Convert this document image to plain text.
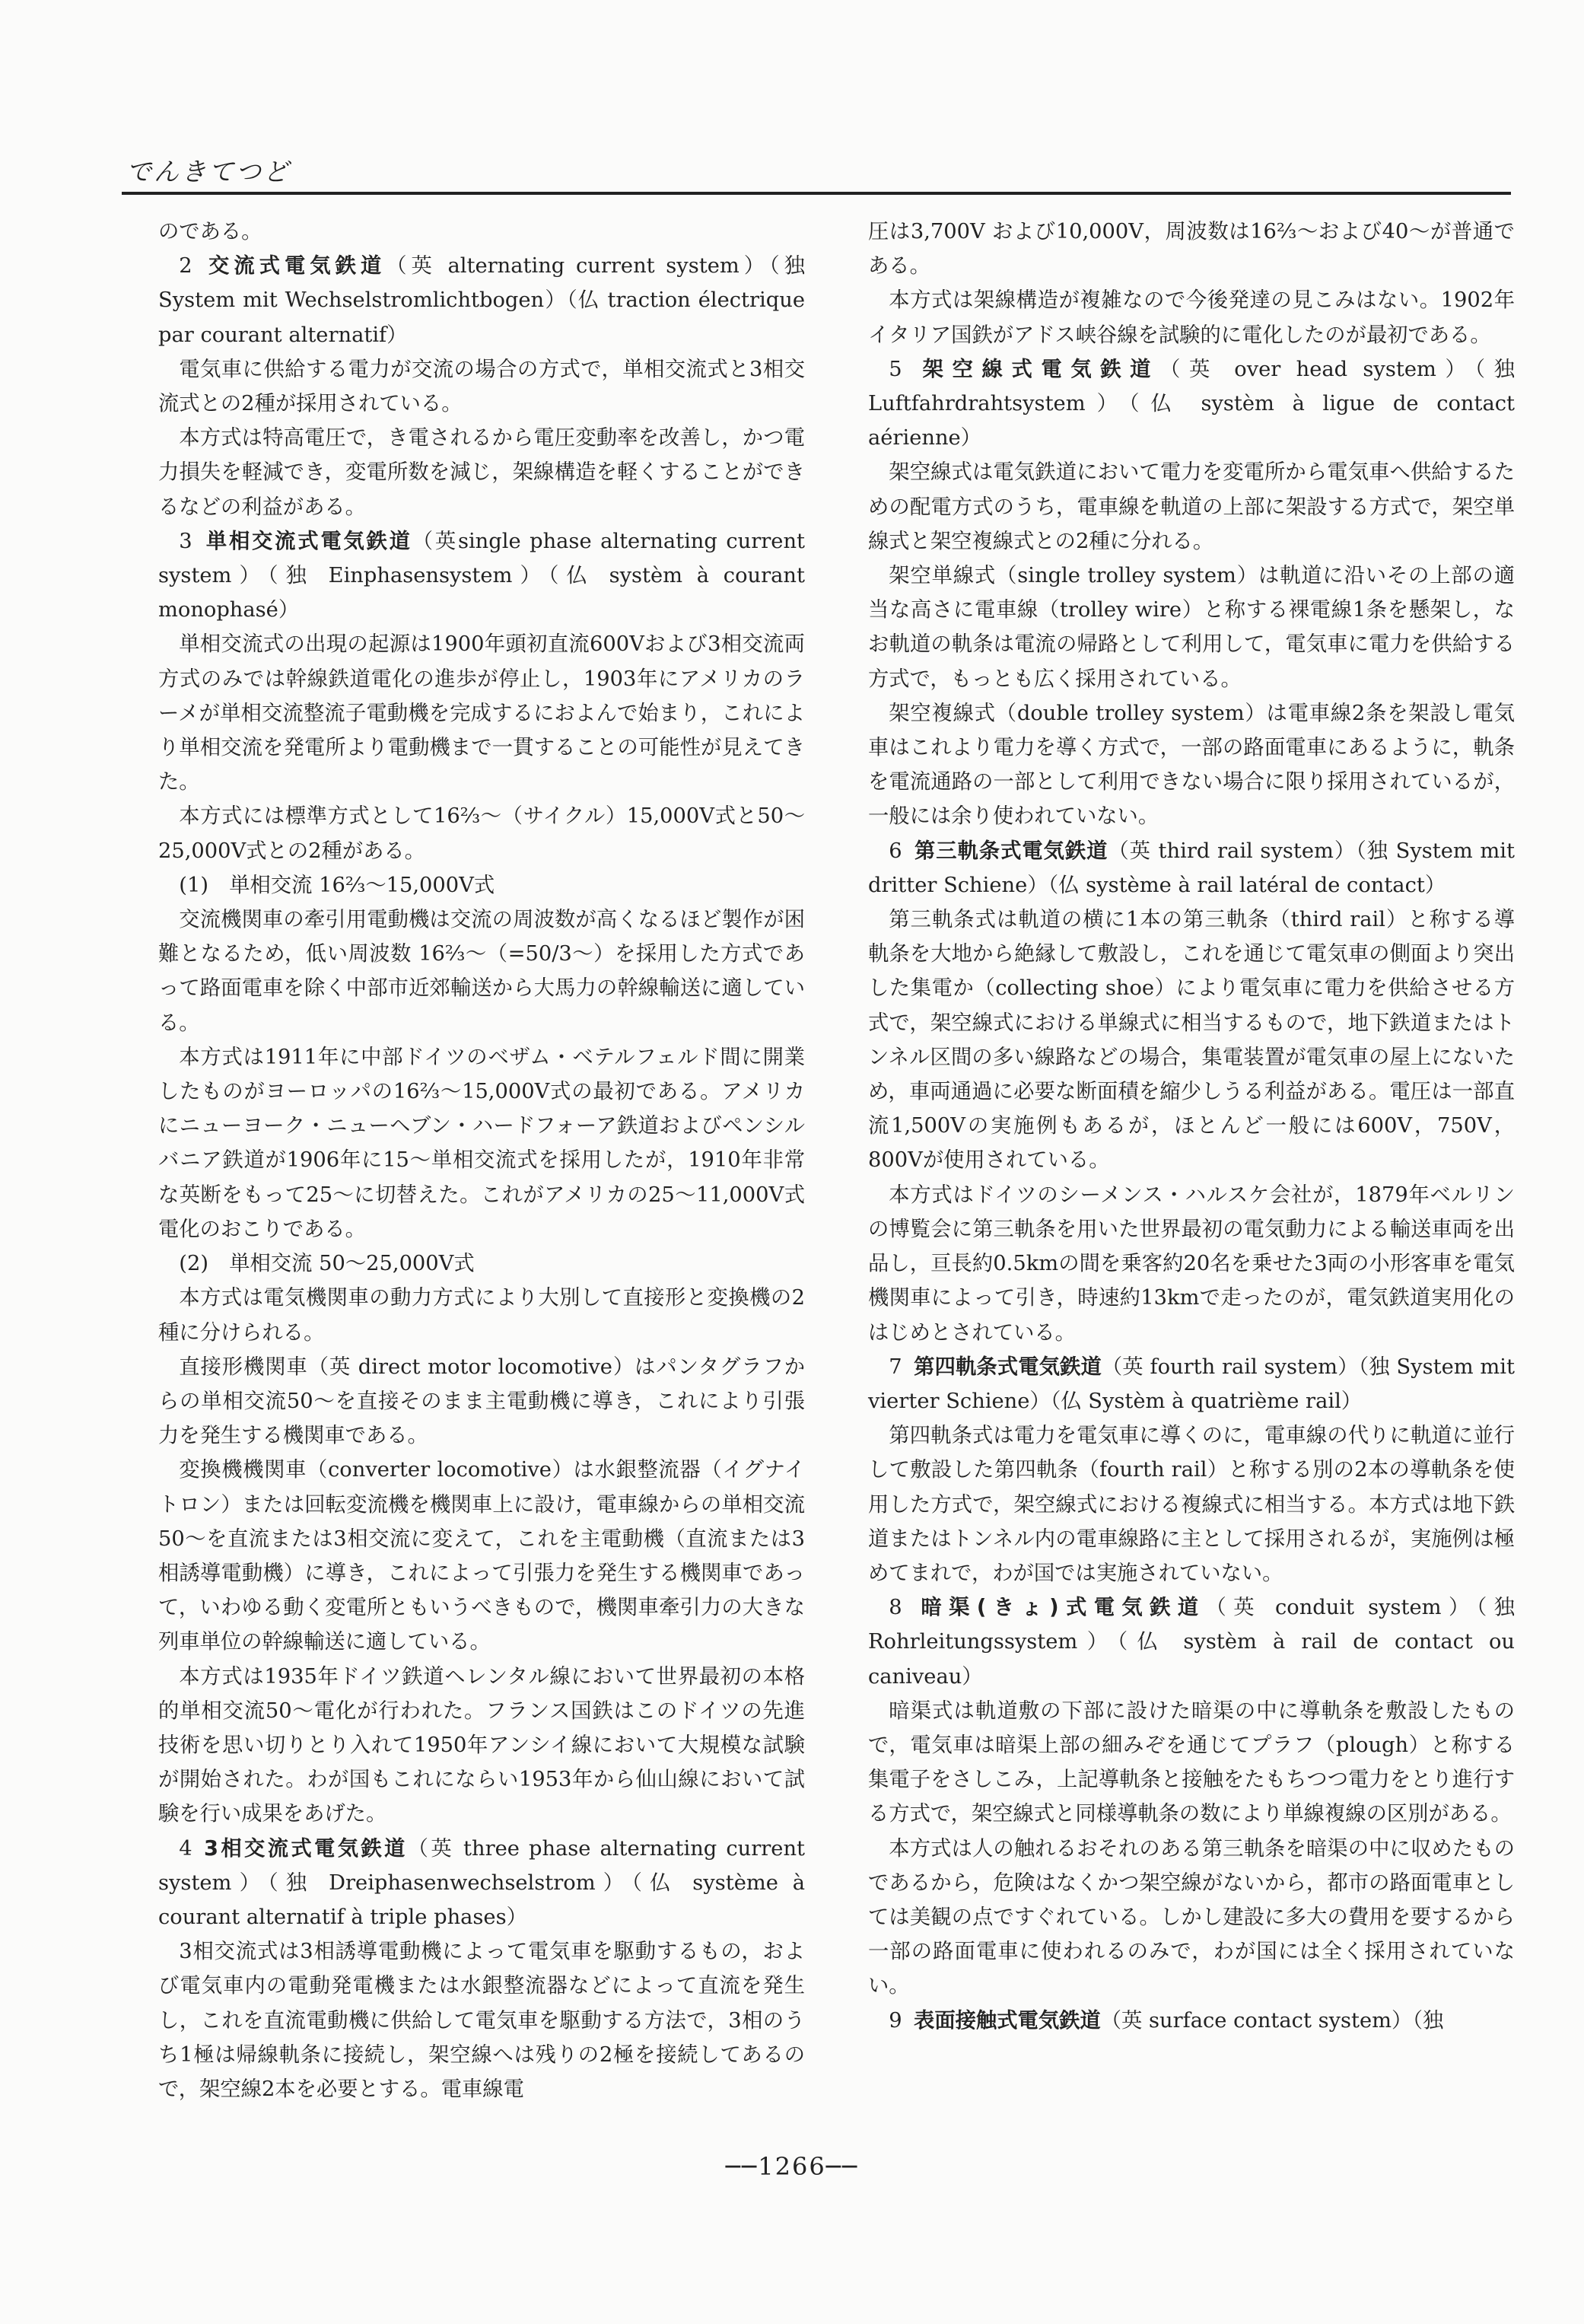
でんきてつど

のである。

2 交流式電気鉄道（英 alternating current system）（独 System mit Wechselstromlichtbogen）（仏 traction électrique par courant alternatif）

電気車に供給する電力が交流の場合の方式で，単相交流式と3相交流式との2種が採用されている。

本方式は特高電圧で，き電されるから電圧変動率を改善し，かつ電力損失を軽減でき，変電所数を減じ，架線構造を軽くすることができるなどの利益がある。

3 単相交流式電気鉄道（英single phase alternating current system）（独 Einphasensystem）（仏 systèm à courant monophasé）

単相交流式の出現の起源は1900年頭初直流600Vおよび3相交流両方式のみでは幹線鉄道電化の進歩が停止し，1903年にアメリカのラーメが単相交流整流子電動機を完成するにおよんで始まり，これにより単相交流を発電所より電動機まで一貫することの可能性が見えてきた。

本方式には標準方式として16⅔～（サイクル）15,000V式と50～25,000V式との2種がある。

(1)　単相交流 16⅔～15,000V式

交流機関車の牽引用電動機は交流の周波数が高くなるほど製作が困難となるため，低い周波数 16⅔～（=50/3～）を採用した方式であって路面電車を除く中部市近郊輸送から大馬力の幹線輸送に適している。

本方式は1911年に中部ドイツのベザム・ベテルフェルド間に開業したものがヨーロッパの16⅔～15,000V式の最初である。アメリカにニューヨーク・ニューヘブン・ハードフォーア鉄道およびペンシルバニア鉄道が1906年に15～単相交流式を採用したが，1910年非常な英断をもって25～に切替えた。これがアメリカの25～11,000V式電化のおこりである。

(2)　単相交流 50～25,000V式

本方式は電気機関車の動力方式により大別して直接形と変換機の2種に分けられる。

直接形機関車（英 direct motor locomotive）はパンタグラフからの単相交流50～を直接そのまま主電動機に導き，これにより引張力を発生する機関車である。

変換機機関車（converter locomotive）は水銀整流器（イグナイトロン）または回転変流機を機関車上に設け，電車線からの単相交流50～を直流または3相交流に変えて，これを主電動機（直流または3相誘導電動機）に導き，これによって引張力を発生する機関車であって，いわゆる動く変電所ともいうべきもので，機関車牽引力の大きな列車単位の幹線輸送に適している。

本方式は1935年ドイツ鉄道ヘレンタル線において世界最初の本格的単相交流50～電化が行われた。フランス国鉄はこのドイツの先進技術を思い切りとり入れて1950年アンシイ線において大規模な試験が開始された。わが国もこれにならい1953年から仙山線において試験を行い成果をあげた。

4 3相交流式電気鉄道（英 three phase alternating current system）（独 Dreiphasenwechselstrom）（仏 système à courant alternatif à triple phases）

3相交流式は3相誘導電動機によって電気車を駆動するもの，および電気車内の電動発電機または水銀整流器などによって直流を発生し，これを直流電動機に供給して電気車を駆動する方法で，3相のうち1極は帰線軌条に接続し，架空線へは残りの2極を接続してあるので，架空線2本を必要とする。電車線電

圧は3,700V および10,000V，周波数は16⅔～および40～が普通である。

本方式は架線構造が複雑なので今後発達の見こみはない。1902年イタリア国鉄がアドス峡谷線を試験的に電化したのが最初である。

5 架空線式電気鉄道（英 over head system）（独 Luftfahrdrahtsystem）（仏 systèm à ligue de contact aérienne）

架空線式は電気鉄道において電力を変電所から電気車へ供給するための配電方式のうち，電車線を軌道の上部に架設する方式で，架空単線式と架空複線式との2種に分れる。

架空単線式（single trolley system）は軌道に沿いその上部の適当な高さに電車線（trolley wire）と称する裸電線1条を懸架し，なお軌道の軌条は電流の帰路として利用して，電気車に電力を供給する方式で，もっとも広く採用されている。

架空複線式（double trolley system）は電車線2条を架設し電気車はこれより電力を導く方式で，一部の路面電車にあるように，軌条を電流通路の一部として利用できない場合に限り採用されているが，一般には余り使われていない。

6 第三軌条式電気鉄道（英 third rail system）（独 System mit dritter Schiene）（仏 système à rail latéral de contact）

第三軌条式は軌道の横に1本の第三軌条（third rail）と称する導軌条を大地から絶縁して敷設し，これを通じて電気車の側面より突出した集電か（collecting shoe）により電気車に電力を供給させる方式で，架空線式における単線式に相当するもので，地下鉄道またはトンネル区間の多い線路などの場合，集電装置が電気車の屋上にないため，車両通過に必要な断面積を縮少しうる利益がある。電圧は一部直流1,500Vの実施例もあるが，ほとんど一般には600V，750V，800Vが使用されている。

本方式はドイツのシーメンス・ハルスケ会社が，1879年ベルリンの博覧会に第三軌条を用いた世界最初の電気動力による輸送車両を出品し，亘長約0.5kmの間を乗客約20名を乗せた3両の小形客車を電気機関車によって引き，時速約13kmで走ったのが，電気鉄道実用化のはじめとされている。

7 第四軌条式電気鉄道（英 fourth rail system）（独 System mit vierter Schiene）（仏 Systèm à quatrième rail）

第四軌条式は電力を電気車に導くのに，電車線の代りに軌道に並行して敷設した第四軌条（fourth rail）と称する別の2本の導軌条を使用した方式で，架空線式における複線式に相当する。本方式は地下鉄道またはトンネル内の電車線路に主として採用されるが，実施例は極めてまれで，わが国では実施されていない。

8 暗渠(きょ)式電気鉄道（英 conduit system）（独 Rohrleitungssystem）（仏 systèm à rail de contact ou caniveau）

暗渠式は軌道敷の下部に設けた暗渠の中に導軌条を敷設したもので，電気車は暗渠上部の細みぞを通じてプラフ（plough）と称する集電子をさしこみ，上記導軌条と接触をたもちつつ電力をとり進行する方式で，架空線式と同様導軌条の数により単線複線の区別がある。

本方式は人の触れるおそれのある第三軌条を暗渠の中に収めたものであるから，危険はなくかつ架空線がないから，都市の路面電車としては美観の点ですぐれている。しかし建設に多大の費用を要するから一部の路面電車に使われるのみで，わが国には全く採用されていない。

9 表面接触式電気鉄道（英 surface contact system）（独

──1266──
